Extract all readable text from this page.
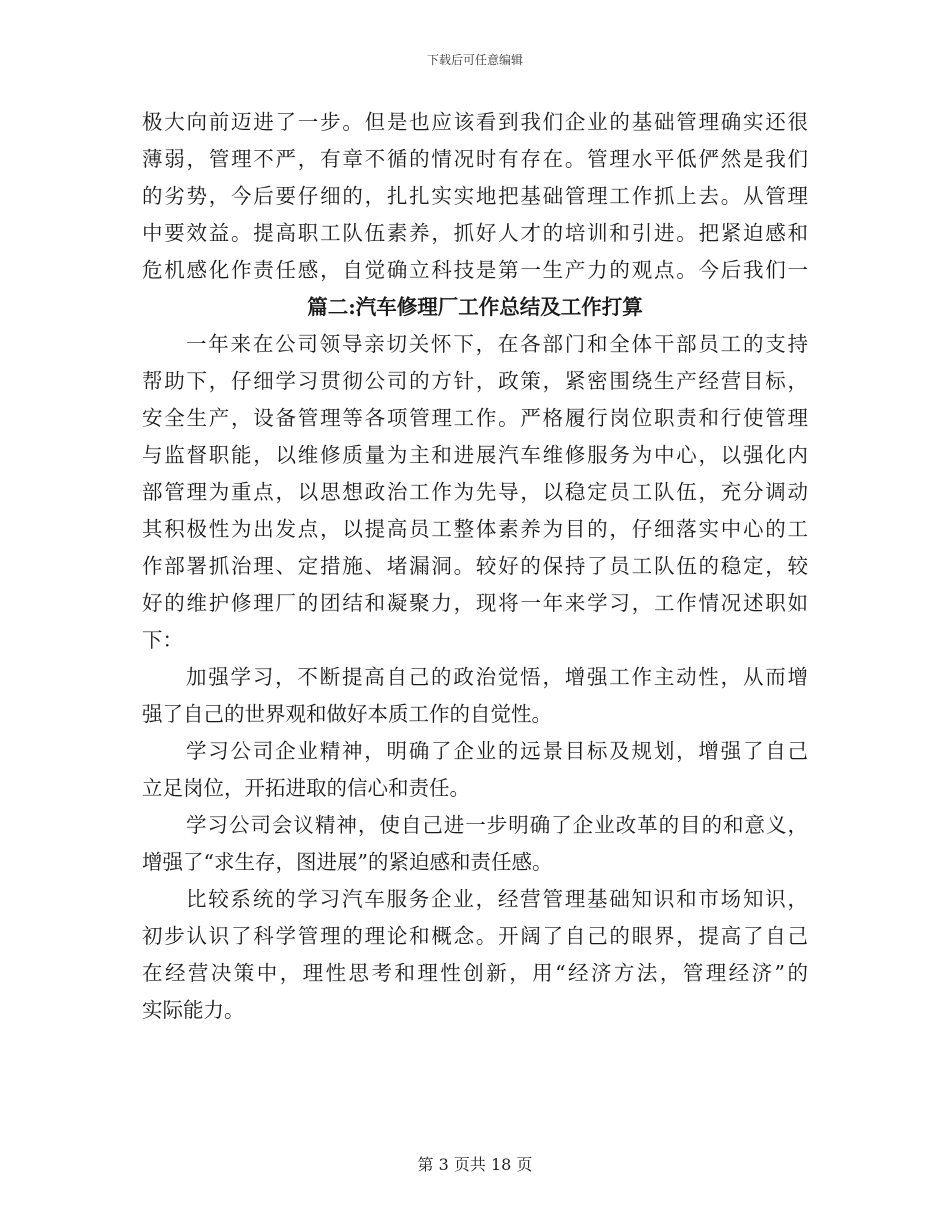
下载后可任意编辑
极大向前迈进了一步。但是也应该看到我们企业的基础管理确实还很
薄弱，管理不严，有章不循的情况时有存在。管理水平低俨然是我们
的劣势，今后要仔细的，扎扎实实地把基础管理工作抓上去。从管理
中要效益。提高职工队伍素养，抓好人才的培训和引进。把紧迫感和
危机感化作责任感，自觉确立科技是第一生产力的观点。今后我们一
篇二:汽车修理厂工作总结及工作打算
一年来在公司领导亲切关怀下，在各部门和全体干部员工的支持
帮助下，仔细学习贯彻公司的方针，政策，紧密围绕生产经营目标，
安全生产，设备管理等各项管理工作。严格履行岗位职责和行使管理
与监督职能，以维修质量为主和进展汽车维修服务为中心，以强化内
部管理为重点，以思想政治工作为先导，以稳定员工队伍，充分调动
其积极性为出发点，以提高员工整体素养为目的，仔细落实中心的工
作部署抓治理、定措施、堵漏洞。较好的保持了员工队伍的稳定，较
好的维护修理厂的团结和凝聚力，现将一年来学习，工作情况述职如
下：
加强学习，不断提高自己的政治觉悟，增强工作主动性，从而增
强了自己的世界观和做好本质工作的自觉性。
学习公司企业精神，明确了企业的远景目标及规划，增强了自己
立足岗位，开拓进取的信心和责任。
学习公司会议精神，使自己进一步明确了企业改革的目的和意义，
增强了“求生存，图进展”的紧迫感和责任感。
比较系统的学习汽车服务企业，经营管理基础知识和市场知识，
初步认识了科学管理的理论和概念。开阔了自己的眼界，提高了自己
在经营决策中，理性思考和理性创新，用“经济方法，管理经济”的
实际能力。
第 3 页共 18 页
